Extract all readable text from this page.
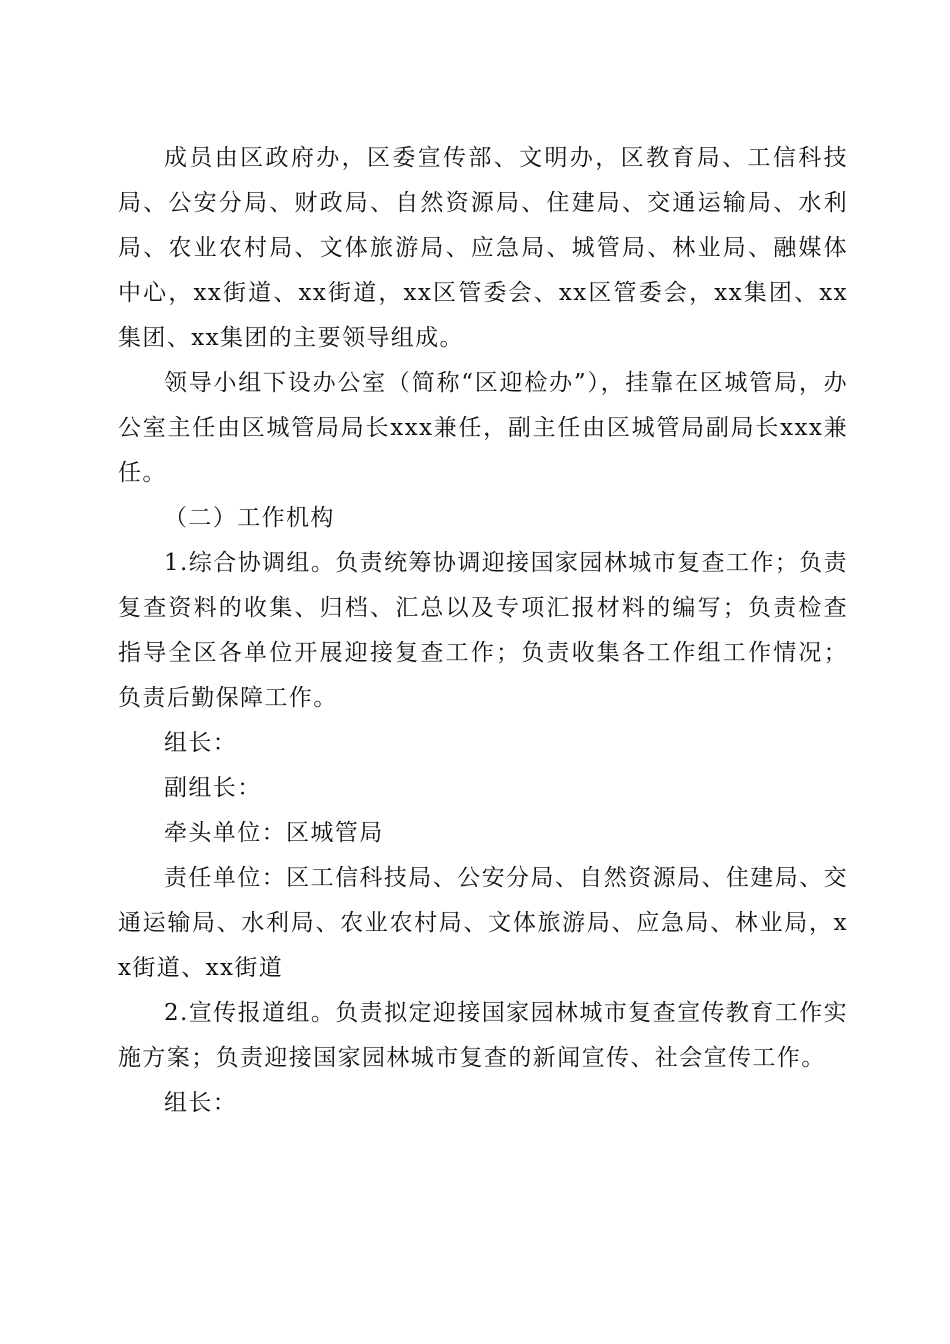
成员由区政府办，区委宣传部、文明办，区教育局、工信科技局、公安分局、财政局、自然资源局、住建局、交通运输局、水利局、农业农村局、文体旅游局、应急局、城管局、林业局、融媒体中心，xx街道、xx街道，xx区管委会、xx区管委会，xx集团、xx集团、xx集团的主要领导组成。

领导小组下设办公室（简称“区迎检办”），挂靠在区城管局，办公室主任由区城管局局长xxx兼任，副主任由区城管局副局长xxx兼任。

（二）工作机构

1.综合协调组。负责统筹协调迎接国家园林城市复查工作；负责复查资料的收集、归档、汇总以及专项汇报材料的编写；负责检查指导全区各单位开展迎接复查工作；负责收集各工作组工作情况；负责后勤保障工作。

组长：

副组长：

牵头单位：区城管局

责任单位：区工信科技局、公安分局、自然资源局、住建局、交通运输局、水利局、农业农村局、文体旅游局、应急局、林业局，xx街道、xx街道

2.宣传报道组。负责拟定迎接国家园林城市复查宣传教育工作实施方案；负责迎接国家园林城市复查的新闻宣传、社会宣传工作。

组长：
